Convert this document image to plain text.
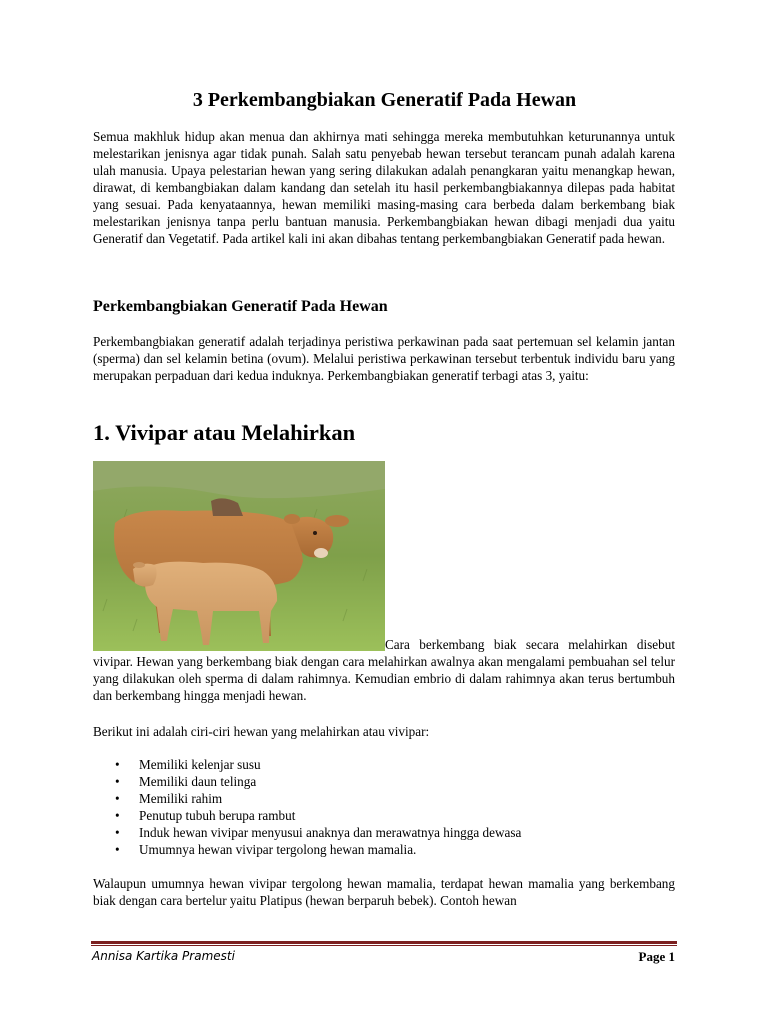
3 Perkembangbiakan Generatif Pada Hewan

Semua makhluk hidup akan menua dan akhirnya mati sehingga mereka membutuhkan keturunannya untuk melestarikan jenisnya agar tidak punah. Salah satu penyebab hewan tersebut terancam punah adalah karena ulah manusia. Upaya pelestarian hewan yang sering dilakukan adalah penangkaran yaitu menangkap hewan, dirawat, di kembangbiakan dalam kandang dan setelah itu hasil perkembangbiakannya dilepas pada habitat yang sesuai. Pada kenyataannya, hewan memiliki masing-masing cara berbeda dalam berkembang biak melestarikan jenisnya tanpa perlu bantuan manusia. Perkembangbiakan hewan dibagi menjadi dua yaitu Generatif dan Vegetatif. Pada artikel kali ini akan dibahas tentang perkembangbiakan Generatif pada hewan.

Perkembangbiakan Generatif Pada Hewan

Perkembangbiakan generatif adalah terjadinya peristiwa perkawinan pada saat pertemuan sel kelamin jantan (sperma) dan sel kelamin betina (ovum). Melalui peristiwa perkawinan tersebut terbentuk individu baru yang merupakan perpaduan dari kedua induknya. Perkembangbiakan generatif terbagi atas 3, yaitu:

1. Vivipar atau Melahirkan

Cara berkembang biak secara melahirkan disebut vivipar. Hewan yang berkembang biak dengan cara melahirkan awalnya akan mengalami pembuahan sel telur yang dilakukan oleh sperma di dalam rahimnya. Kemudian embrio di dalam rahimnya akan terus bertumbuh dan berkembang hingga menjadi hewan.

Berikut ini adalah ciri-ciri hewan yang melahirkan atau vivipar:

• Memiliki kelenjar susu
• Memiliki daun telinga
• Memiliki rahim
• Penutup tubuh berupa rambut
• Induk hewan vivipar menyusui anaknya dan merawatnya hingga dewasa
• Umumnya hewan vivipar tergolong hewan mamalia.

Walaupun umumnya hewan vivipar tergolong hewan mamalia, terdapat hewan mamalia yang berkembang biak dengan cara bertelur yaitu Platipus (hewan berparuh bebek). Contoh hewan

Annisa Kartika Pramesti	Page 1
